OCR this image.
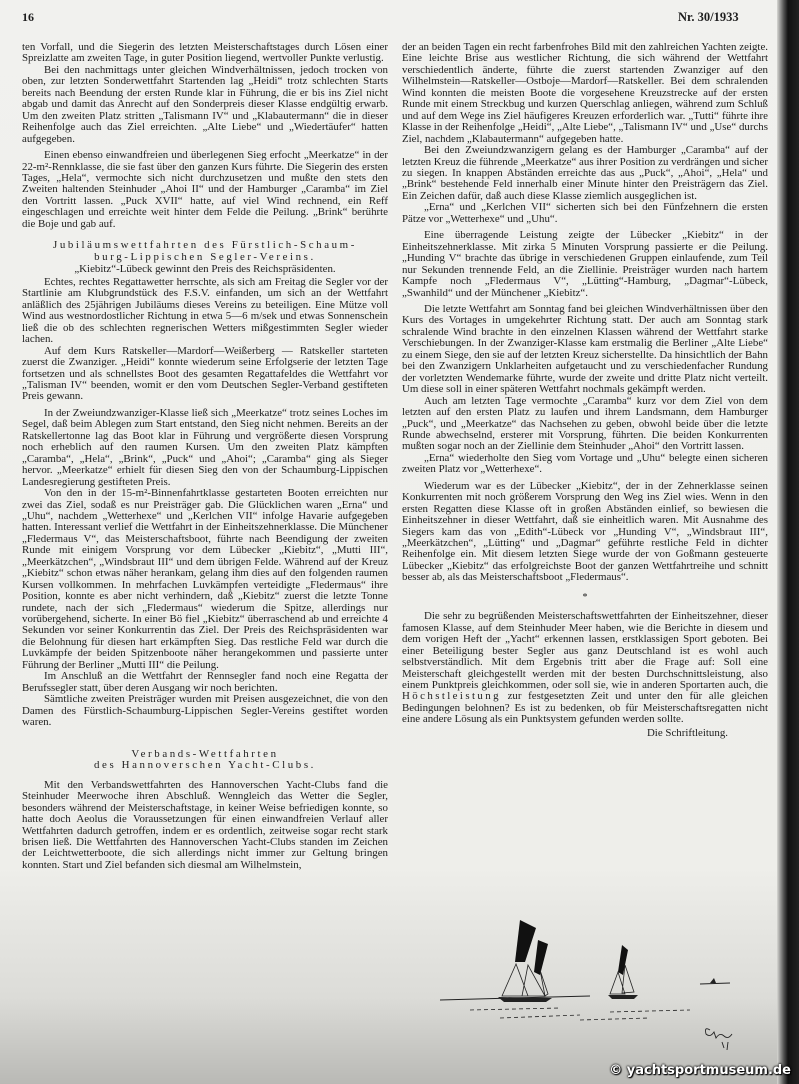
16	Nr. 30/1933

ten Vorfall, und die Siegerin des letzten Meisterschaftstages durch Lösen einer Spreizlatte am zweiten Tage, in guter Position liegend, wertvoller Punkte verlustig.

Bei den nachmittags unter gleichen Windverhältnissen, jedoch trocken von oben, zur letzten Sonderwettfahrt Startenden lag „Heidi“ trotz schlechten Starts bereits nach Beendung der ersten Runde klar in Führung, die er bis ins Ziel nicht abgab und damit das Anrecht auf den Sonderpreis dieser Klasse endgültig erwarb. Um den zweiten Platz stritten „Talismann IV“ und „Klabautermann“ die in dieser Reihenfolge auch das Ziel erreichten. „Alte Liebe“ und „Wiedertäufer“ hatten aufgegeben.

Einen ebenso einwandfreien und überlegenen Sieg erfocht „Meerkatze“ in der 22-m²-Rennklasse, die sie fast über den ganzen Kurs führte. Die Siegerin des ersten Tages, „Hela“, vermochte sich nicht durchzusetzen und mußte den stets den Zweiten haltenden Steinhuder „Ahoi II“ und der Hamburger „Caramba“ im Ziel den Vortritt lassen. „Puck XVII“ hatte, auf viel Wind rechnend, ein Reff eingeschlagen und erreichte weit hinter dem Felde die Peilung. „Brink“ berührte die Boje und gab auf.

Jubiläumswettfahrten des Fürstlich-Schaum-
burg-Lippischen Segler-Vereins.
„Kiebitz“-Lübeck gewinnt den Preis des Reichspräsidenten.

Echtes, rechtes Regattawetter herrschte, als sich am Freitag die Segler vor der Startlinie am Klubgrundstück des F.S.V. einfanden, um sich an der Wettfahrt anläßlich des 25jährigen Jubiläums dieses Vereins zu beteiligen. Eine Mütze voll Wind aus westnordostlicher Richtung in etwa 5—6 m/sek und etwas Sonnenschein ließ die ob des schlechten regnerischen Wetters mißgestimmten Segler wieder lachen.

Auf dem Kurs Ratskeller—Mardorf—Weißerberg — Ratskeller starteten zuerst die Zwanziger. „Heidi“ konnte wiederum seine Erfolgserie der letzten Tage fortsetzen und als schnellstes Boot des gesamten Regattafeldes die Wettfahrt vor „Talisman IV“ beenden, womit er den vom Deutschen Segler-Verband gestifteten Preis gewann.

In der Zweiundzwanziger-Klasse ließ sich „Meerkatze“ trotz seines Loches im Segel, daß beim Ablegen zum Start entstand, den Sieg nicht nehmen. Bereits an der Ratskellertonne lag das Boot klar in Führung und vergrößerte diesen Vorsprung noch erheblich auf den raumen Kursen. Um den zweiten Platz kämpften „Caramba“, „Hela“, „Brink“, „Puck“ und „Ahoi“; „Caramba“ ging als Sieger hervor. „Meerkatze“ erhielt für diesen Sieg den von der Schaumburg-Lippischen Landesregierung gestifteten Preis.

Von den in der 15-m²-Binnenfahrtklasse gestarteten Booten erreichten nur zwei das Ziel, sodaß es nur Preisträger gab. Die Glücklichen waren „Erna“ und „Uhu“, nachdem „Wetterhexe“ und „Kerlchen VII“ infolge Havarie aufgegeben hatten. Interessant verlief die Wettfahrt in der Einheitszehnerklasse. Die Münchener „Fledermaus V“, das Meisterschaftsboot, führte nach Beendigung der zweiten Runde mit einigem Vorsprung vor dem Lübecker „Kiebitz“, „Mutti III“, „Meerkätzchen“, „Windsbraut III“ und dem übrigen Felde. Während auf der Kreuz „Kiebitz“ schon etwas näher herankam, gelang ihm dies auf den folgenden raumen Kursen vollkommen. In mehrfachen Luvkämpfen verteidigte „Fledermaus“ ihre Position, konnte es aber nicht verhindern, daß „Kiebitz“ zuerst die letzte Tonne rundete, nach der sich „Fledermaus“ wiederum die Spitze, allerdings nur vorübergehend, sicherte. In einer Bö fiel „Kiebitz“ überraschend ab und erreichte 4 Sekunden vor seiner Konkurrentin das Ziel. Der Preis des Reichspräsidenten war die Belohnung für diesen hart erkämpften Sieg. Das restliche Feld war durch die Luvkämpfe der beiden Spitzenboote näher herangekommen und passierte unter Führung der Berliner „Mutti III“ die Peilung.

Im Anschluß an die Wettfahrt der Rennsegler fand noch eine Regatta der Berufssegler statt, über deren Ausgang wir noch berichten.

Sämtliche zweiten Preisträger wurden mit Preisen ausgezeichnet, die von den Damen des Fürstlich-Schaumburg-Lippischen Segler-Vereins gestiftet worden waren.

Verbands-Wettfahrten
des Hannoverschen Yacht-Clubs.

Mit den Verbandswettfahrten des Hannoverschen Yacht-Clubs fand die Steinhuder Meerwoche ihren Abschluß. Wenngleich das Wetter die Segler, besonders während der Meisterschaftstage, in keiner Weise befriedigen konnte, so hatte doch Aeolus die Voraussetzungen für einen einwandfreien Verlauf aller Wettfahrten dadurch getroffen, indem er es ordentlich, zeitweise sogar recht stark brisen ließ. Die Wettfahrten des Hannoverschen Yacht-Clubs standen im Zeichen der Leichtwetterboote, die sich allerdings nicht immer zur Geltung bringen konnten. Start und Ziel befanden sich diesmal am Wilhelmstein,

der an beiden Tagen ein recht farbenfrohes Bild mit den zahlreichen Yachten zeigte. Eine leichte Brise aus westlicher Richtung, die sich während der Wettfahrt verschiedentlich änderte, führte die zuerst startenden Zwanziger auf den Wilhelmstein—Ratskeller—Ostboje—Mardorf—Ratskeller. Bei dem schralenden Wind konnten die meisten Boote die vorgesehene Kreuzstrecke auf der ersten Runde mit einem Streckbug und kurzen Querschlag anliegen, während zum Schluß und auf dem Wege ins Ziel häufigeres Kreuzen erforderlich war. „Tutti“ führte ihre Klasse in der Reihenfolge „Heidi“, „Alte Liebe“, „Talismann IV“ und „Use“ durchs Ziel, nachdem „Klabautermann“ aufgegeben hatte.

Bei den Zweiundzwanzigern gelang es der Hamburger „Caramba“ auf der letzten Kreuz die führende „Meerkatze“ aus ihrer Position zu verdrängen und sicher zu siegen. In knappen Abständen erreichte das aus „Puck“, „Ahoi“, „Hela“ und „Brink“ bestehende Feld innerhalb einer Minute hinter den Preisträgern das Ziel. Ein Zeichen dafür, daß auch diese Klasse ziemlich ausgeglichen ist.

„Erna“ und „Kerlchen VII“ sicherten sich bei den Fünfzehnern die ersten Pätze vor „Wetterhexe“ und „Uhu“.

Eine überragende Leistung zeigte der Lübecker „Kiebitz“ in der Einheitszehnerklasse. Mit zirka 5 Minuten Vorsprung passierte er die Peilung. „Hunding V“ brachte das übrige in verschiedenen Gruppen einlaufende, zum Teil nur Sekunden trennende Feld, an die Ziellinie. Preisträger wurden nach hartem Kampfe noch „Fledermaus V“, „Lütting“-Hamburg, „Dagmar“-Lübeck, „Swanhild“ und der Münchener „Kiebitz“.

Die letzte Wettfahrt am Sonntag fand bei gleichen Windverhältnissen über den Kurs des Vortages in umgekehrter Richtung statt. Der auch am Sonntag stark schralende Wind brachte in den einzelnen Klassen während der Wettfahrt starke Verschiebungen. In der Zwanziger-Klasse kam erstmalig die Berliner „Alte Liebe“ zu einem Siege, den sie auf der letzten Kreuz sicherstellte. Da hinsichtlich der Bahn bei den Zwanzigern Unklarheiten aufgetaucht und zu verschiedenfacher Rundung der vorletzten Wendemarke führte, wurde der zweite und dritte Platz nicht verteilt. Um diese soll in einer späteren Wettfahrt nochmals gekämpft werden.

Auch am letzten Tage vermochte „Caramba“ kurz vor dem Ziel von dem letzten auf den ersten Platz zu laufen und ihrem Landsmann, dem Hamburger „Puck“, und „Meerkatze“ das Nachsehen zu geben, obwohl beide über die letzte Runde abwechselnd, ersterer mit Vorsprung, führten. Die beiden Konkurrenten mußten sogar noch an der Ziellinie dem Steinhuder „Ahoi“ den Vortritt lassen.

„Erna“ wiederholte den Sieg vom Vortage und „Uhu“ belegte einen sicheren zweiten Platz vor „Wetterhexe“.

Wiederum war es der Lübecker „Kiebitz“, der in der Zehnerklasse seinen Konkurrenten mit noch größerem Vorsprung den Weg ins Ziel wies. Wenn in den ersten Regatten diese Klasse oft in großen Abständen einlief, so bewiesen die Einheitszehner in dieser Wettfahrt, daß sie einheitlich waren. Mit Ausnahme des Siegers kam das von „Edith“-Lübeck vor „Hunding V“, „Windsbraut III“, „Meerkätzchen“, „Lütting“ und „Dagmar“ geführte restliche Feld in dichter Reihenfolge ein. Mit diesem letzten Siege wurde der von Goßmann gesteuerte Lübecker „Kiebitz“ das erfolgreichste Boot der ganzen Wettfahrtreihe und schnitt besser ab, als das Meisterschaftsboot „Fledermaus“.

*

Die sehr zu begrüßenden Meisterschaftswettfahrten der Einheitszehner, dieser famosen Klasse, auf dem Steinhuder Meer haben, wie die Berichte in diesem und dem vorigen Heft der „Yacht“ erkennen lassen, erstklassigen Sport geboten. Bei einer Beteiligung bester Segler aus ganz Deutschland ist es wohl auch selbstverständlich. Mit dem Ergebnis tritt aber die Frage auf: Soll eine Meisterschaft gleichgestellt werden mit der besten Durchschnittsleistung, also einem Punktpreis gleichkommen, oder soll sie, wie in anderen Sportarten auch, die Höchstleistung zur festgesetzten Zeit und unter den für alle gleichen Bedingungen belohnen? Es ist zu bedenken, ob für Meisterschaftsregatten nicht eine andere Lösung als ein Punktsystem gefunden werden sollte.

Die Schriftleitung.
© yachtsportmuseum.de
